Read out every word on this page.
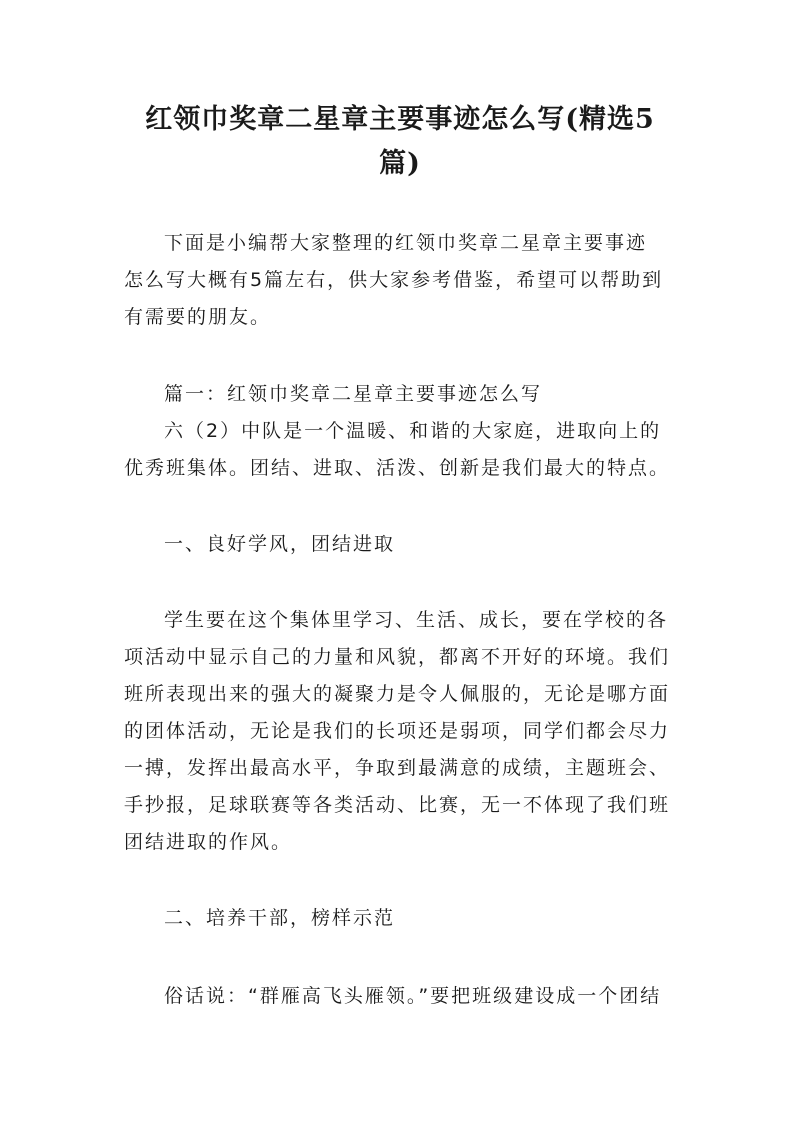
红领巾奖章二星章主要事迹怎么写(精选5
篇)
下面是小编帮大家整理的红领巾奖章二星章主要事迹
怎么写大概有5篇左右，供大家参考借鉴，希望可以帮助到
有需要的朋友。
篇一：红领巾奖章二星章主要事迹怎么写
六（2）中队是一个温暖、和谐的大家庭，进取向上的
优秀班集体。团结、进取、活泼、创新是我们最大的特点。
一、良好学风，团结进取
学生要在这个集体里学习、生活、成长，要在学校的各
项活动中显示自己的力量和风貌，都离不开好的环境。我们
班所表现出来的强大的凝聚力是令人佩服的，无论是哪方面
的团体活动，无论是我们的长项还是弱项，同学们都会尽力
一搏，发挥出最高水平，争取到最满意的成绩，主题班会、
手抄报，足球联赛等各类活动、比赛，无一不体现了我们班
团结进取的作风。
二、培养干部，榜样示范
俗话说：“群雁高飞头雁领。”要把班级建设成一个团结
